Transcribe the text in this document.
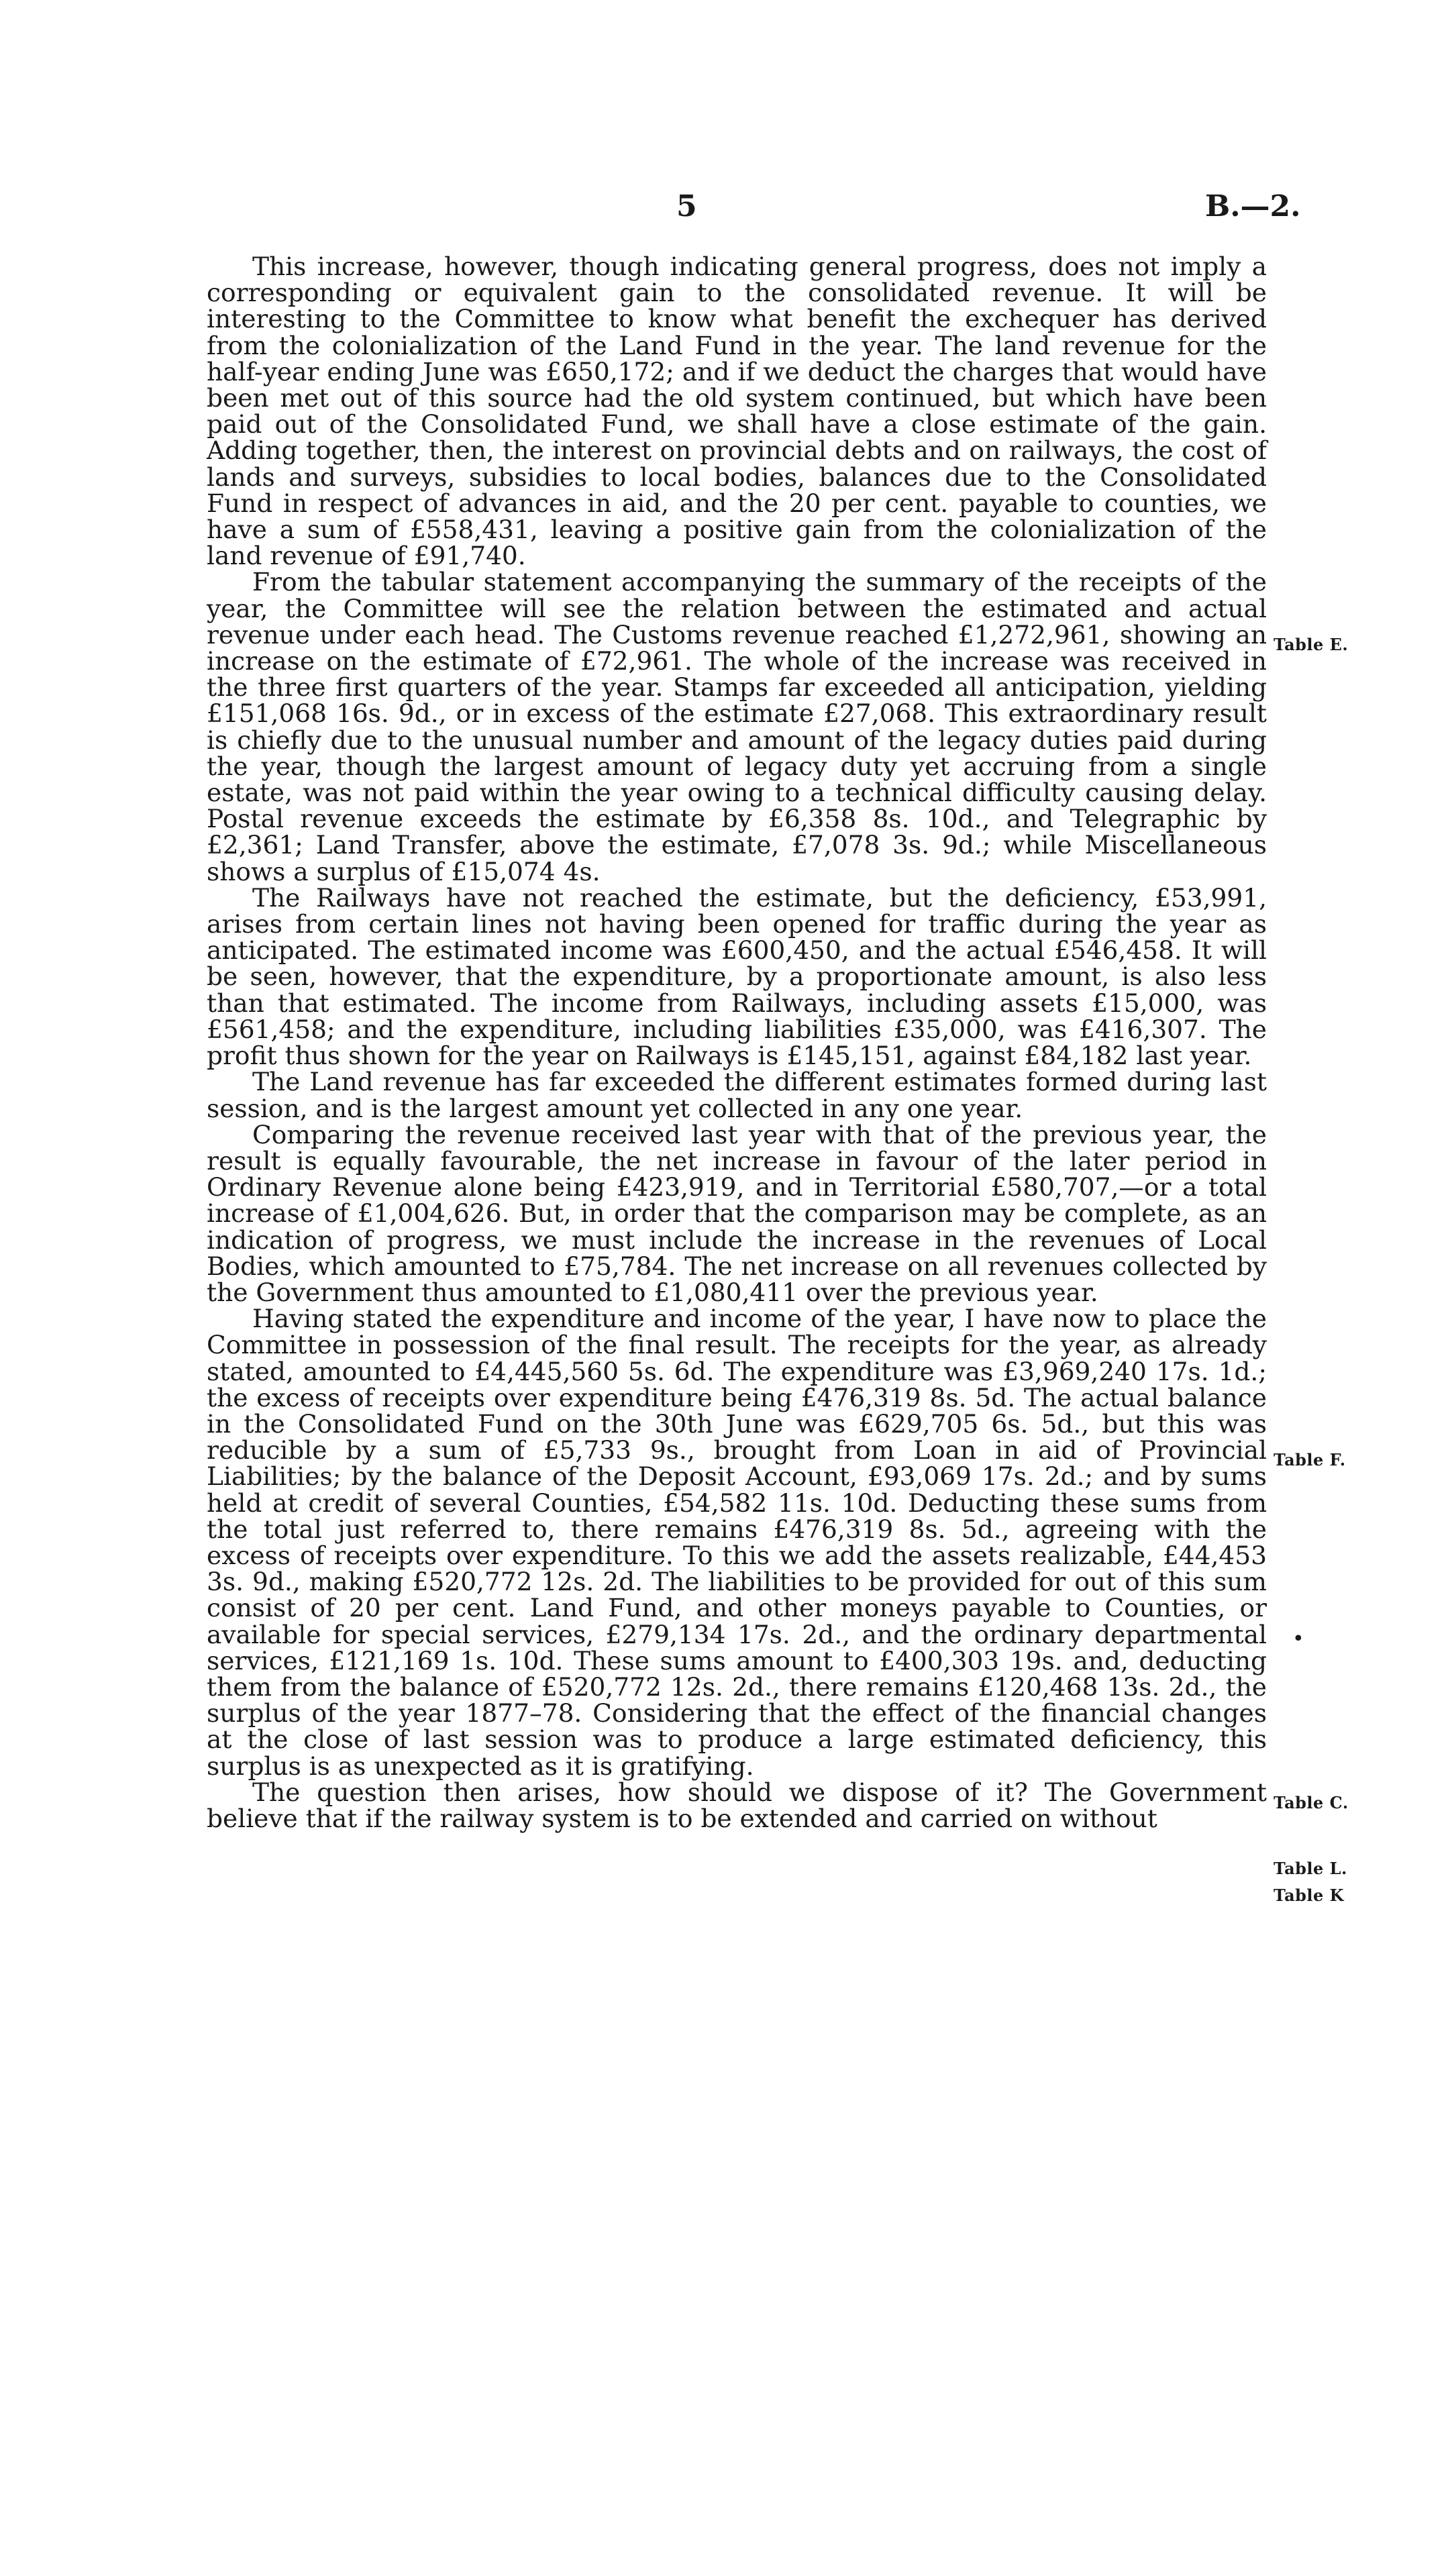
5	B.—2.

This increase, however, though indicating general progress, does not imply a corresponding or equivalent gain to the consolidated revenue. It will be interesting to the Committee to know what benefit the exchequer has derived from the colonialization of the Land Fund in the year. The land revenue for the half-year ending June was £650,172; and if we deduct the charges that would have been met out of this source had the old system continued, but which have been paid out of the Consolidated Fund, we shall have a close estimate of the gain. Adding together, then, the interest on provincial debts and on railways, the cost of lands and surveys, subsidies to local bodies, balances due to the Consolidated Fund in respect of advances in aid, and the 20 per cent. payable to counties, we have a sum of £558,431, leaving a positive gain from the colonialization of the land revenue of £91,740.

From the tabular statement accompanying the summary of the receipts of the year, the Committee will see the relation between the estimated and actual revenue under each head. The Customs revenue reached £1,272,961, showing an increase on the estimate of £72,961. The whole of the increase was received in the three first quarters of the year. Stamps far exceeded all anticipation, yielding £151,068 16s. 9d., or in excess of the estimate £27,068. This extraordinary result is chiefly due to the unusual number and amount of the legacy duties paid during the year, though the largest amount of legacy duty yet accruing from a single estate, was not paid within the year owing to a technical difficulty causing delay. Postal revenue exceeds the estimate by £6,358 8s. 10d., and Telegraphic by £2,361; Land Transfer, above the estimate, £7,078 3s. 9d.; while Miscellaneous shows a surplus of £15,074 4s.

The Railways have not reached the estimate, but the deficiency, £53,991, arises from certain lines not having been opened for traffic during the year as anticipated. The estimated income was £600,450, and the actual £546,458. It will be seen, however, that the expenditure, by a proportionate amount, is also less than that estimated. The income from Railways, including assets £15,000, was £561,458; and the expenditure, including liabilities £35,000, was £416,307. The profit thus shown for the year on Railways is £145,151, against £84,182 last year.

The Land revenue has far exceeded the different estimates formed during last session, and is the largest amount yet collected in any one year.

Comparing the revenue received last year with that of the previous year, the result is equally favourable, the net increase in favour of the later period in Ordinary Revenue alone being £423,919, and in Territorial £580,707,—or a total increase of £1,004,626. But, in order that the comparison may be complete, as an indication of progress, we must include the increase in the revenues of Local Bodies, which amounted to £75,784. The net increase on all revenues collected by the Government thus amounted to £1,080,411 over the previous year.

Having stated the expenditure and income of the year, I have now to place the Committee in possession of the final result. The receipts for the year, as already stated, amounted to £4,445,560 5s. 6d. The expenditure was £3,969,240 17s. 1d.; the excess of receipts over expenditure being £476,319 8s. 5d. The actual balance in the Consolidated Fund on the 30th June was £629,705 6s. 5d., but this was reducible by a sum of £5,733 9s., brought from Loan in aid of Provincial Liabilities; by the balance of the Deposit Account, £93,069 17s. 2d.; and by sums held at credit of several Counties, £54,582 11s. 10d. Deducting these sums from the total just referred to, there remains £476,319 8s. 5d., agreeing with the excess of receipts over expenditure. To this we add the assets realizable, £44,453 3s. 9d., making £520,772 12s. 2d. The liabilities to be provided for out of this sum consist of 20 per cent. Land Fund, and other moneys payable to Counties, or available for special services, £279,134 17s. 2d., and the ordinary departmental services, £121,169 1s. 10d. These sums amount to £400,303 19s. and, deducting them from the balance of £520,772 12s. 2d., there remains £120,468 13s. 2d., the surplus of the year 1877–78. Considering that the effect of the financial changes at the close of last session was to produce a large estimated deficiency, this surplus is as unexpected as it is gratifying.

The question then arises, how should we dispose of it? The Government believe that if the railway system is to be extended and carried on without

Table E.
Table F.
Table C.
Table L.
Table K
•
